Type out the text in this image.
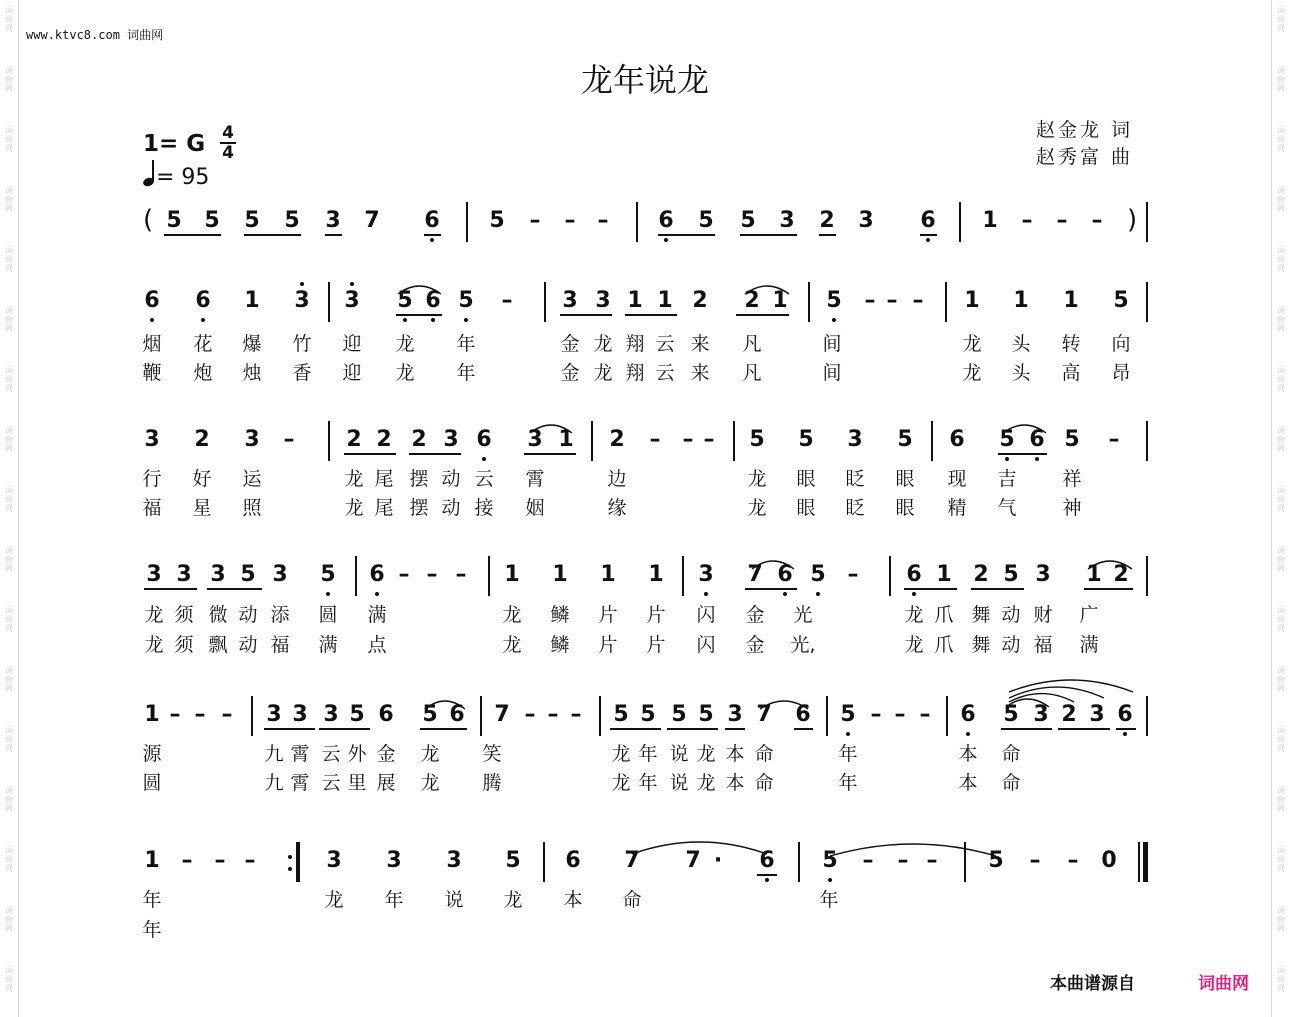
词
曲
网
词
曲
网
词
曲
网
词
曲
网
词
曲
网
词
曲
网
词
曲
网
词
曲
网
词
曲
网
词
曲
网
词
曲
网
词
曲
网
词
曲
网
词
曲
网
词
曲
网
词
曲
网
词
曲
网
词
曲
网
词
曲
网
词
曲
网
词
曲
网
词
曲
网
词
曲
网
词
曲
网
词
曲
网
词
曲
网
词
曲
网
词
曲
网
词
曲
网
词
曲
网
词
曲
网
词
曲
网
词
曲
网
词
曲
网
www.ktvc8.com 词曲网
龙年说龙
赵金龙 词
赵秀富 曲
1= G 4
4
= 95
5 5 5 5 3 7 6 5 – – – 6 5 5 3 2 3 6 1 – – –
(	)
6 6 1 3 3 5 6 5 – 3 3 1 1 2 2 1 5 – – – 1 1 1 5
烟 花 爆 竹 迎 龙 年	金 龙 翔 云 来 凡	间	龙 头 转 向
鞭 炮 烛 香 迎 龙 年	金 龙 翔 云 来 凡	间	龙 头 高 昂
3 2 3 – 2 2 2 3 6 3 1 2 – – – 5 5 3 5 6 5 6 5 –
行 好 运	龙 尾 摆 动 云 霄	边	龙 眼 眨 眼 现 吉 祥
福 星 照	龙 尾 摆 动 接 姻	缘	龙 眼 眨 眼 精 气 神
3 3 3 5 3 5 6 – – – 1 1 1 1 3 7 6 5 – 6 1 2 5 3 1 2
龙 须 微 动 添 圆 满	龙 鳞 片 片 闪 金 光	龙 爪 舞 动 财 广
龙 须 飘 动 福 满 点	龙 鳞 片 片 闪 金 光,	龙 爪 舞 动 福 满
1 – – – 3 3 3 5 6 5 6 7 – – – 5 5 5 5 3 7 6 5 – – – 6 5 3 2 3 6
源	九 霄 云 外 金 龙 笑	龙 年 说 龙 本 命	年	本 命
圆	九 霄 云 里 展 龙 腾	龙 年 说 龙 本 命	年	本 命
1 – – –	3 3 3 5 6 7 7 · 6 5 – – – 5 – – 0
年	龙 年 说 龙 本 命	年
年
本曲谱源自	词曲网
